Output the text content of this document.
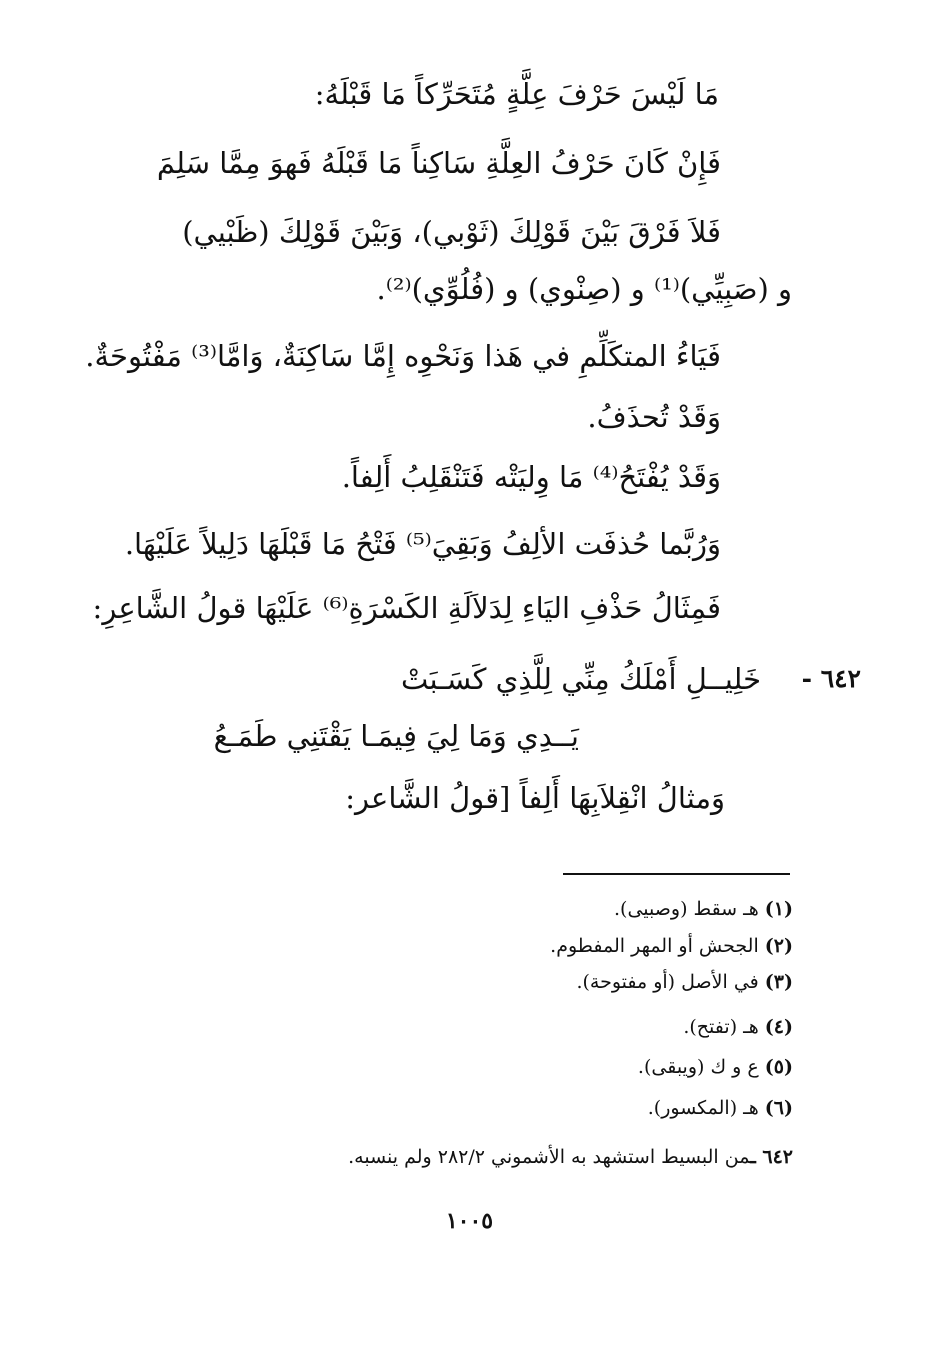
مَا لَيْسَ حَرْفَ عِلَّةٍ مُتَحَرِّكاً مَا قَبْلَهُ:
فَإِنْ كَانَ حَرْفُ العِلَّةِ سَاكِناً مَا قَبْلَهُ فَهوَ مِمَّا سَلِمَ
فَلاَ فَرْقَ بَيْنَ قَوْلِكَ (ثَوْبي)، وَبَيْنَ قَوْلِكَ (ظَبْيي)
و (صَبِيِّي)⁽¹⁾ و (صِنْوي) و (فُلُوِّي)⁽²⁾.
فَيَاءُ المتكَلِّمِ في هَذا وَنَحْوِه إِمَّا سَاكِنَةٌ، وَامَّا⁽³⁾ مَفْتُوحَةٌ.
وَقَدْ تُحذَفُ.
وَقَدْ يُفْتَحُ⁽⁴⁾ مَا وِليَتْه فَتَنْقَلِبُ أَلِفاً.
وَرُبَّما حُذفَت الألِفُ وَبَقِيَ⁽⁵⁾ فَتْحُ مَا قَبْلَهَا دَلِيلاً عَلَيْهَا.
فَمِثَالُ حَذْفِ اليَاءِ لِدَلاَلَةِ الكَسْرَةِ⁽⁶⁾ عَلَيْهَا قولُ الشَّاعِرِ:
٦٤٢ -
خَلِيــلِ أَمْلَكُ مِنِّي لِلَّذِي كَسَـبَتْ
يَــدِي وَمَا لِيَ فِيمَـا يَقْتَنِي طَمَـعُ
وَمثالُ انْقِلاَبِهَا أَلِفاً [قولُ الشَّاعر:
(١) هـ سقط (وصبيى).
(٢) الجحش أو المهر المفطوم.
(٣) في الأصل (أو مفتوحة).
(٤) هـ (تفتح).
(٥) ع و ك (ويبقى).
(٦) هـ (المكسور).
٦٤٢ ـمن البسيط استشهد به الأشموني ٢٨٢/٢ ولم ينسبه.
١٠٠٥
